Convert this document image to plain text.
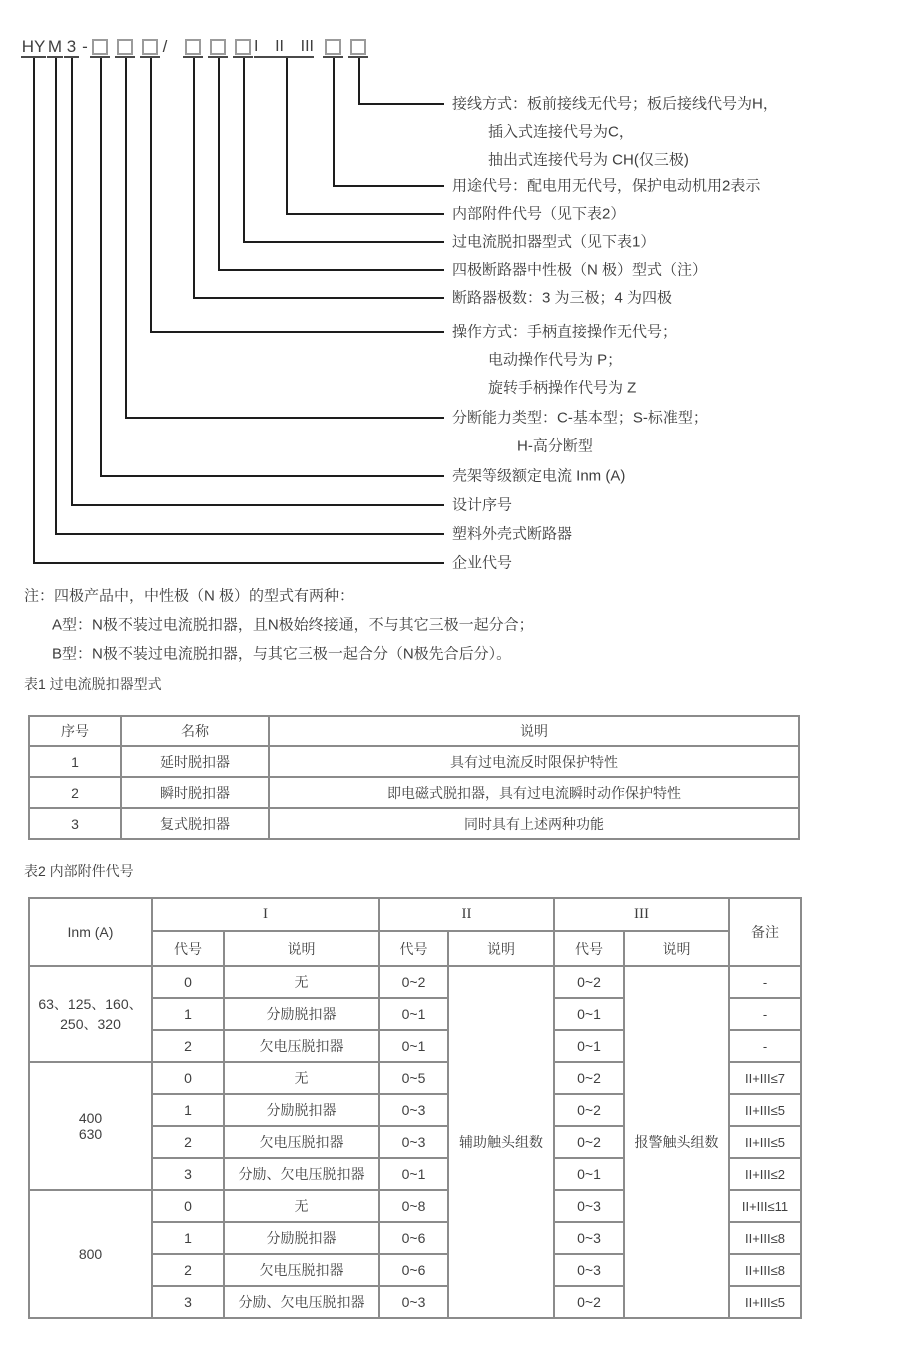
HY M 3 -	/	I II III
接线方式：板前接线无代号；板后接线代号为H，
插入式连接代号为C，
抽出式连接代号为 CH(仅三极)
用途代号：配电用无代号，保护电动机用2表示
内部附件代号（见下表2）
过电流脱扣器型式（见下表1）
四极断路器中性极（N 极）型式（注）
断路器极数：3 为三极；4 为四极
操作方式：手柄直接操作无代号；
电动操作代号为 P；
旋转手柄操作代号为 Z
分断能力类型：C-基本型；S-标准型；
H-高分断型
壳架等级额定电流 Inm (A)
设计序号
塑料外壳式断路器
企业代号
注：四极产品中，中性极（N 极）的型式有两种：
A型：N极不装过电流脱扣器，且N极始终接通，不与其它三极一起分合；
B型：N极不装过电流脱扣器，与其它三极一起合分（N极先合后分）。
表1 过电流脱扣器型式
序号	名称	说明
1	延时脱扣器	具有过电流反时限保护特性
2	瞬时脱扣器	即电磁式脱扣器，具有过电流瞬时动作保护特性
3	复式脱扣器	同时具有上述两种功能
表2 内部附件代号
Inm (A)	I		II		III		备注
	代号	说明	代号	说明	代号	说明	

63、125、160、
250、320	0	无	0~2	辅助触头组数	0~2	报警触头组数	-
	1	分励脱扣器	0~1		0~1		-
	2	欠电压脱扣器	0~1		0~1		-

400
630	0	无	0~5		0~2		II+III≤7
	1	分励脱扣器	0~3		0~2		II+III≤5
	2	欠电压脱扣器	0~3		0~2		II+III≤5
	3	分励、欠电压脱扣器	0~1		0~1		II+III≤2

800	0	无	0~8		0~3		II+III≤11
	1	分励脱扣器	0~6		0~3		II+III≤8
	2	欠电压脱扣器	0~6		0~3		II+III≤8
	3	分励、欠电压脱扣器	0~3		0~2		II+III≤5
